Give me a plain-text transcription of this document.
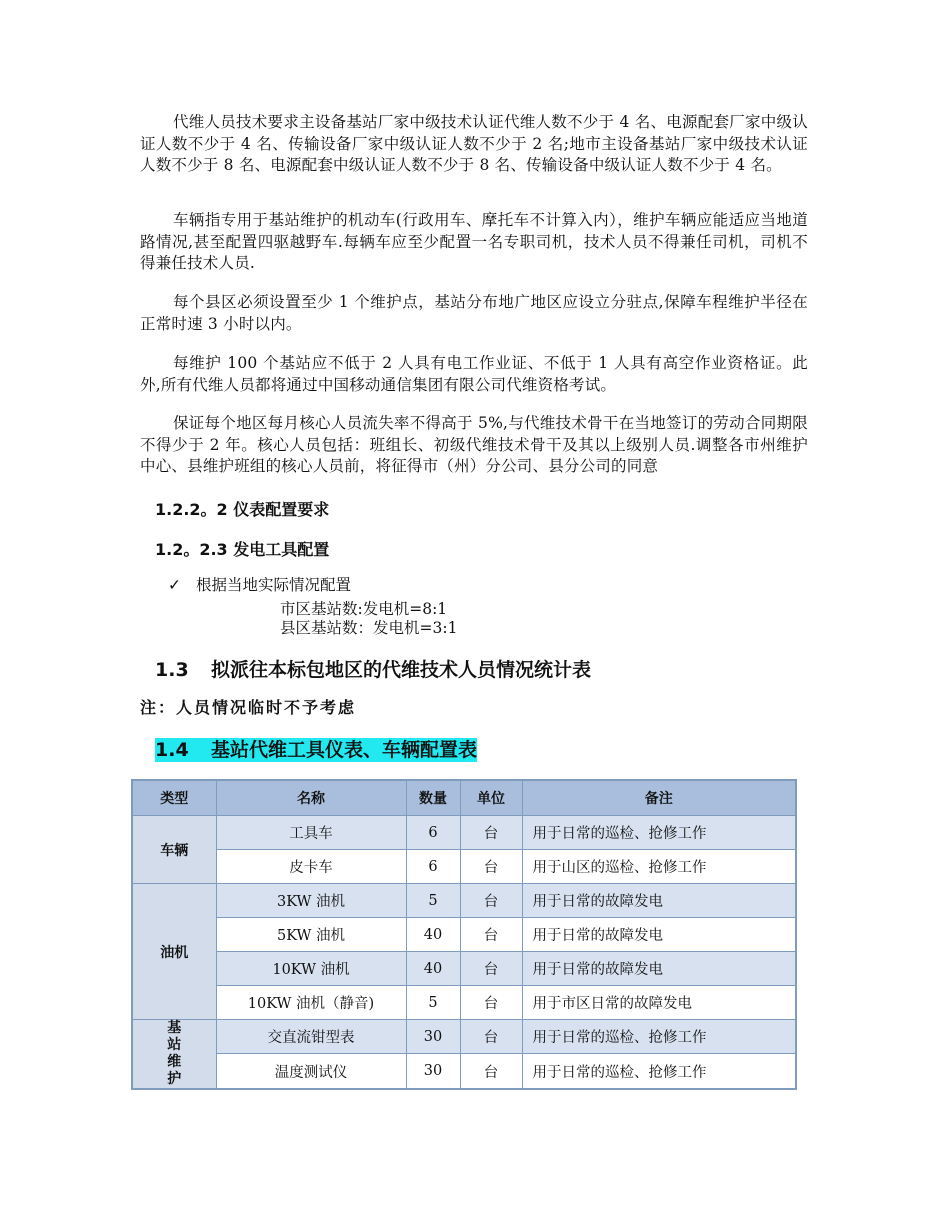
代维人员技术要求主设备基站厂家中级技术认证代维人数不少于 4 名、电源配套厂家中级认证人数不少于 4 名、传输设备厂家中级认证人数不少于 2 名;地市主设备基站厂家中级技术认证人数不少于 8 名、电源配套中级认证人数不少于 8 名、传输设备中级认证人数不少于 4 名。

车辆指专用于基站维护的机动车(行政用车、摩托车不计算入内），维护车辆应能适应当地道路情况,甚至配置四驱越野车.每辆车应至少配置一名专职司机，技术人员不得兼任司机，司机不得兼任技术人员.

每个县区必须设置至少 1 个维护点，基站分布地广地区应设立分驻点,保障车程维护半径在正常时速 3 小时以内。

每维护 100 个基站应不低于 2 人具有电工作业证、不低于 1 人具有高空作业资格证。此外,所有代维人员都将通过中国移动通信集团有限公司代维资格考试。

保证每个地区每月核心人员流失率不得高于 5%,与代维技术骨干在当地签订的劳动合同期限不得少于 2 年。核心人员包括：班组长、初级代维技术骨干及其以上级别人员.调整各市州维护中心、县维护班组的核心人员前，将征得市（州）分公司、县分公司的同意

1.2.2。2 仪表配置要求

1.2。2.3 发电工具配置

✓ 根据当地实际情况配置

市区基站数:发电机=8:1

县区基站数：发电机=3:1

1.3 拟派往本标包地区的代维技术人员情况统计表

注：人员情况临时不予考虑

1.4 基站代维工具仪表、车辆配置表

类型	名称	数量	单位	备注
车辆	工具车	6	台	用于日常的巡检、抢修工作
	皮卡车	6	台	用于山区的巡检、抢修工作
油机	3KW 油机	5	台	用于日常的故障发电
	5KW 油机	40	台	用于日常的故障发电
	10KW 油机	40	台	用于日常的故障发电
	10KW 油机（静音)	5	台	用于市区日常的故障发电

基站维护	交直流钳型表	30	台	用于日常的巡检、抢修工作
	温度测试仪	30	台	用于日常的巡检、抢修工作
